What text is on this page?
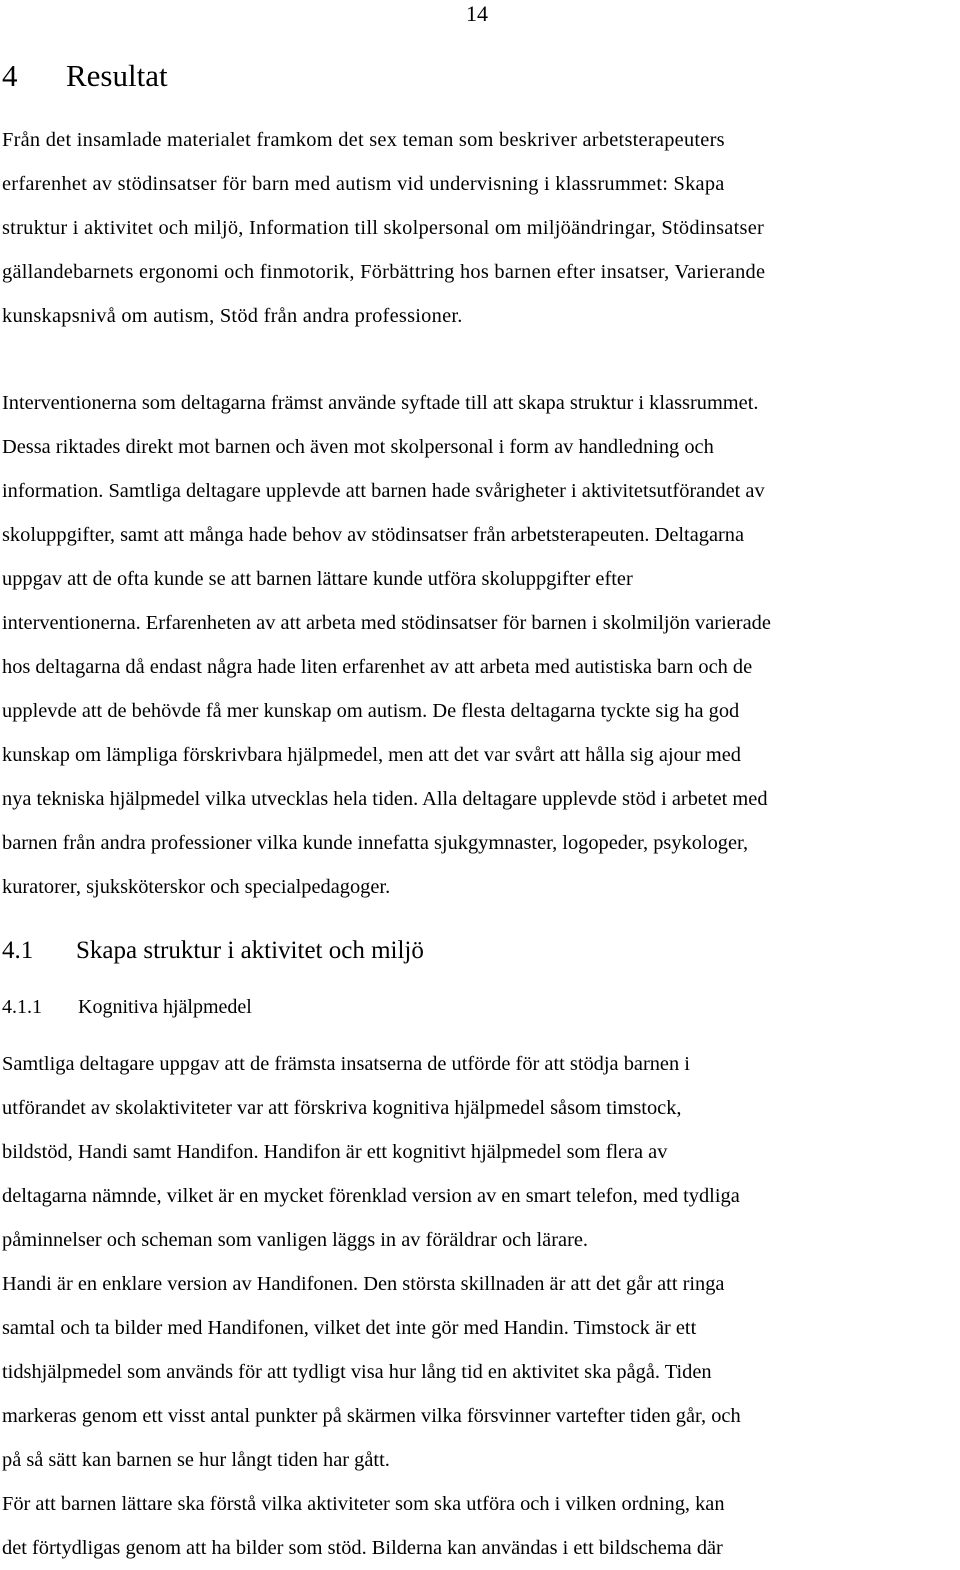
14
4	Resultat

Från det insamlade materialet framkom det sex teman som beskriver arbetsterapeuters
erfarenhet av stödinsatser för barn med autism vid undervisning i klassrummet: Skapa
struktur i aktivitet och miljö, Information till skolpersonal om miljöändringar, Stödinsatser
gällandebarnets ergonomi och finmotorik, Förbättring hos barnen efter insatser, Varierande
kunskapsnivå om autism, Stöd från andra professioner.

Interventionerna som deltagarna främst använde syftade till att skapa struktur i klassrummet.
Dessa riktades direkt mot barnen och även mot skolpersonal i form av handledning och
information. Samtliga deltagare upplevde att barnen hade svårigheter i aktivitetsutförandet av
skoluppgifter, samt att många hade behov av stödinsatser från arbetsterapeuten. Deltagarna
uppgav att de ofta kunde se att barnen lättare kunde utföra skoluppgifter efter
interventionerna. Erfarenheten av att arbeta med stödinsatser för barnen i skolmiljön varierade
hos deltagarna då endast några hade liten erfarenhet av att arbeta med autistiska barn och de
upplevde att de behövde få mer kunskap om autism. De flesta deltagarna tyckte sig ha god
kunskap om lämpliga förskrivbara hjälpmedel, men att det var svårt att hålla sig ajour med
nya tekniska hjälpmedel vilka utvecklas hela tiden. Alla deltagare upplevde stöd i arbetet med
barnen från andra professioner vilka kunde innefatta sjukgymnaster, logopeder, psykologer,
kuratorer, sjuksköterskor och specialpedagoger.

4.1	Skapa struktur i aktivitet och miljö
4.1.1	Kognitiva hjälpmedel

Samtliga deltagare uppgav att de främsta insatserna de utförde för att stödja barnen i
utförandet av skolaktiviteter var att förskriva kognitiva hjälpmedel såsom timstock,
bildstöd, Handi samt Handifon. Handifon är ett kognitivt hjälpmedel som flera av
deltagarna nämnde, vilket är en mycket förenklad version av en smart telefon, med tydliga
påminnelser och scheman som vanligen läggs in av föräldrar och lärare.

Handi är en enklare version av Handifonen. Den största skillnaden är att det går att ringa
samtal och ta bilder med Handifonen, vilket det inte gör med Handin. Timstock är ett
tidshjälpmedel som används för att tydligt visa hur lång tid en aktivitet ska pågå. Tiden
markeras genom ett visst antal punkter på skärmen vilka försvinner vartefter tiden går, och
på så sätt kan barnen se hur långt tiden har gått.

För att barnen lättare ska förstå vilka aktiviteter som ska utföra och i vilken ordning, kan
det förtydligas genom att ha bilder som stöd. Bilderna kan användas i ett bildschema där
